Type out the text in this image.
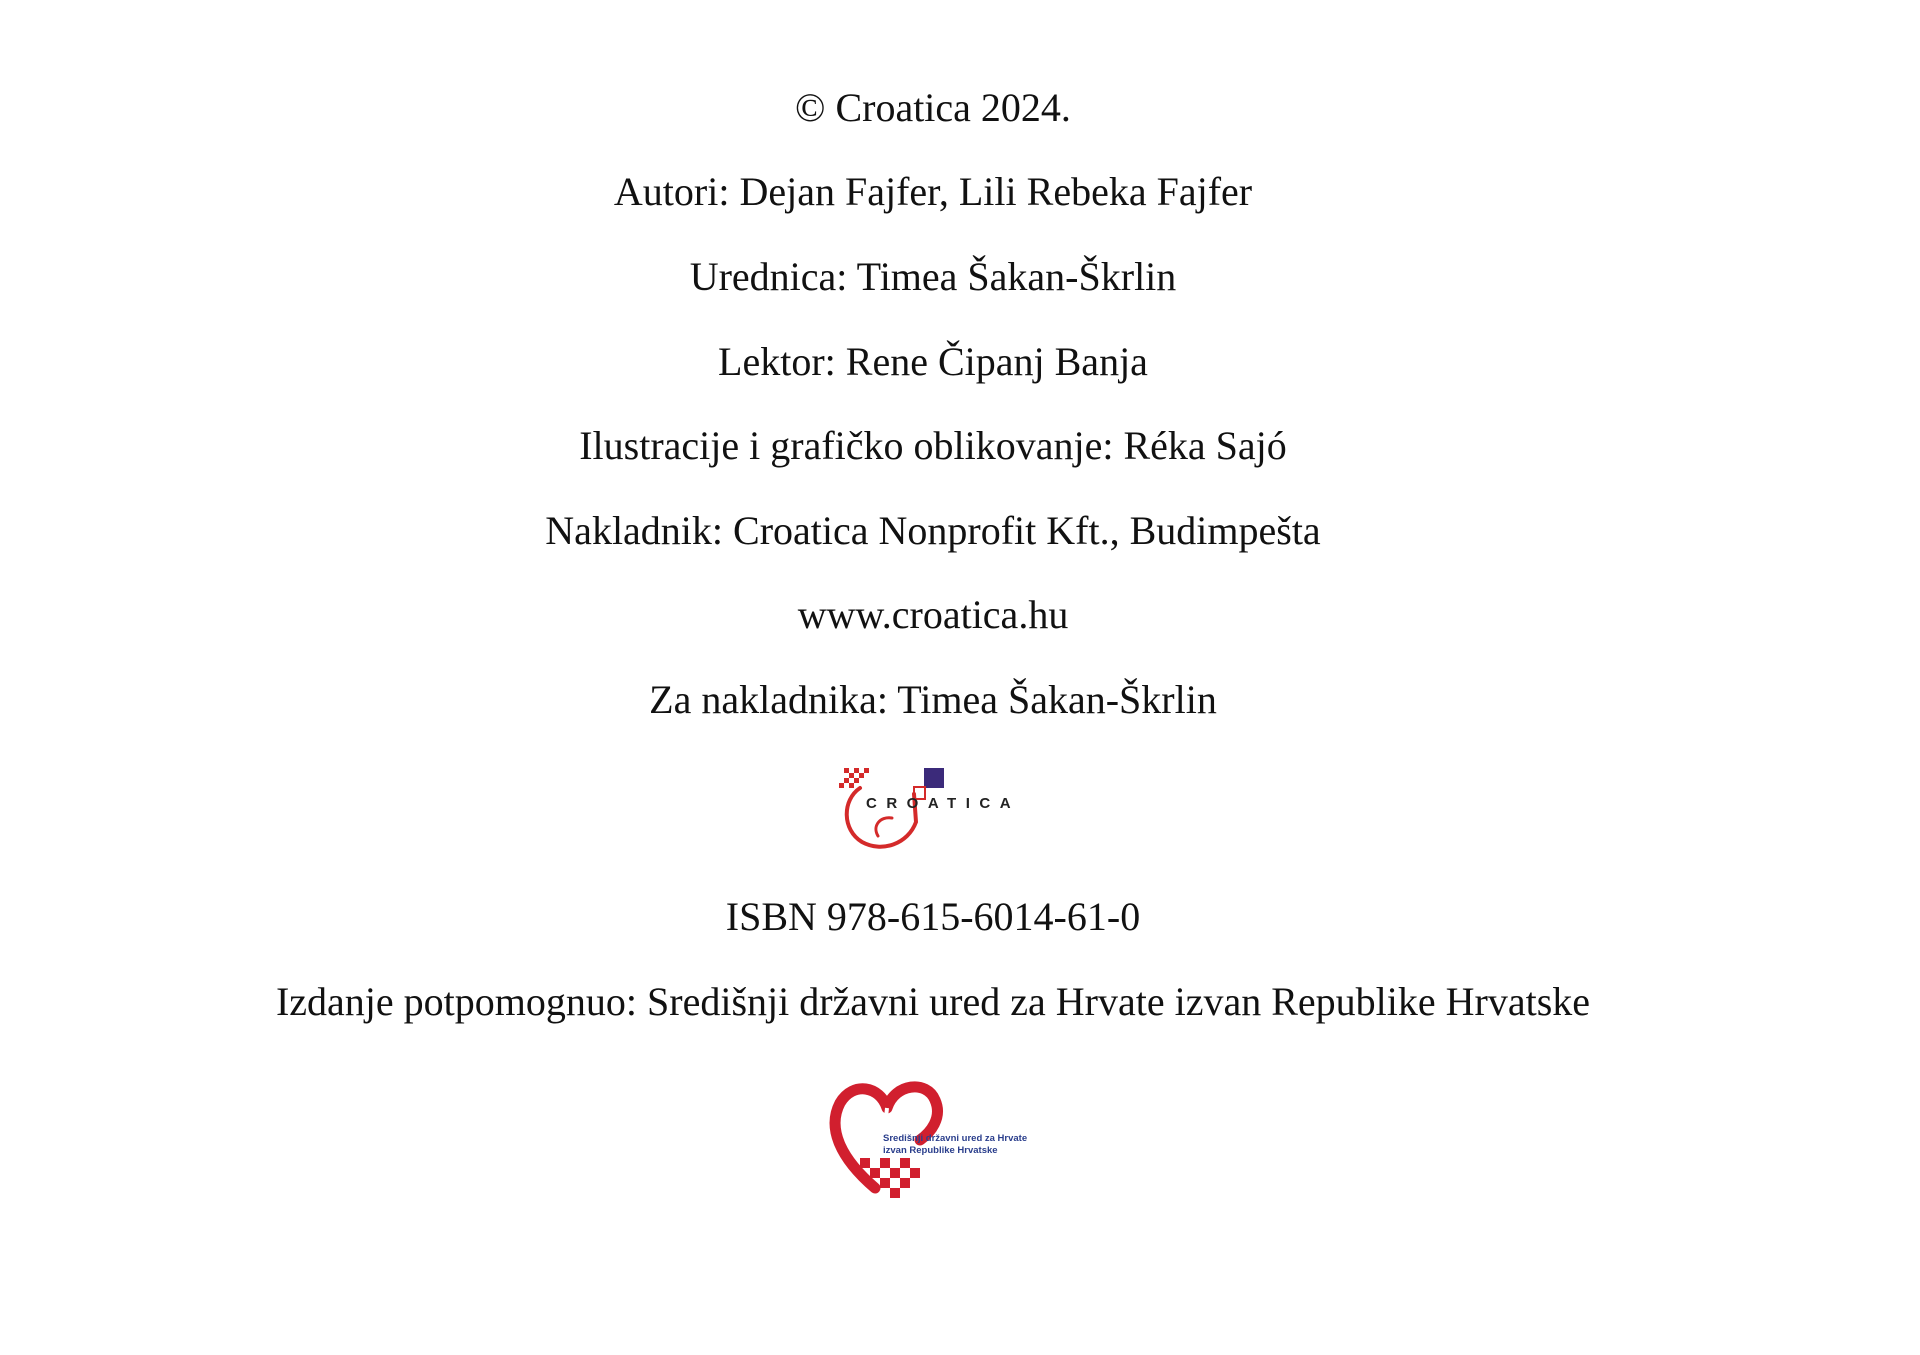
© Croatica 2024.
Autori: Dejan Fajfer, Lili Rebeka Fajfer
Urednica: Timea Šakan-Škrlin
Lektor: Rene Čipanj Banja
Ilustracije i grafičko oblikovanje: Réka Sajó
Nakladnik: Croatica Nonprofit Kft., Budimpešta
www.croatica.hu
Za nakladnika: Timea Šakan-Škrlin
CROATICA
ISBN 978-615-6014-61-0
Izdanje potpomognuo: Središnji državni ured za Hrvate izvan Republike Hrvatske
Središnji državni ured za Hrvate
izvan Republike Hrvatske
